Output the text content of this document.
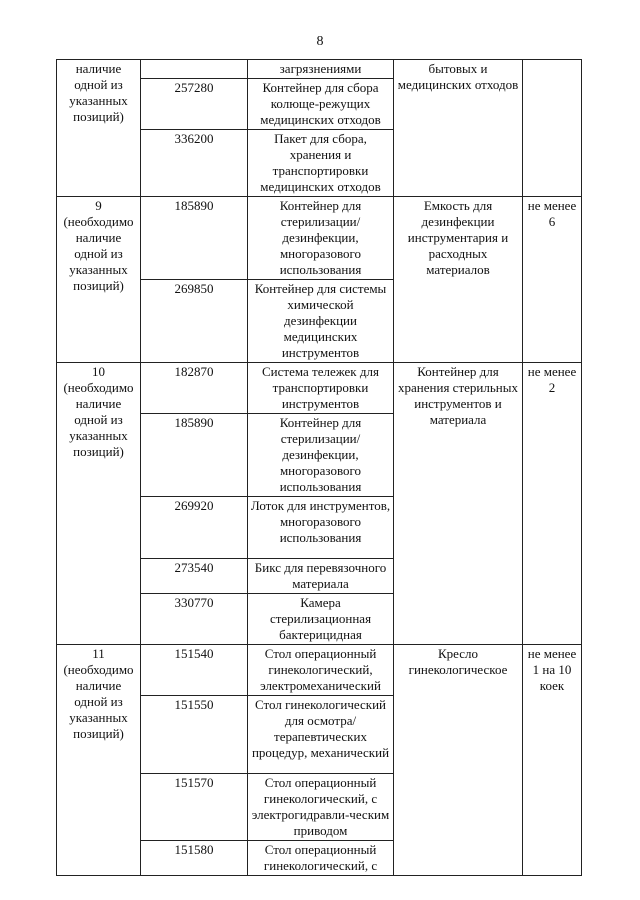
8
наличие одной из указанных позиций)		загрязнениями	бытовых и медицинских отходов	
	257280	Контейнер для сбора колюще-режущих медицинских отходов		
	336200	Пакет для сбора, хранения и транспортировки медицинских отходов		
9 (необходимо наличие одной из указанных позиций)	185890	Контейнер для стерилизации/ дезинфекции, многоразового использования	Емкость для дезинфекции инструментария и расходных материалов	не менее 6
	269850	Контейнер для системы химической дезинфекции медицинских инструментов		
10 (необходимо наличие одной из указанных позиций)	182870	Система тележек для транспортировки инструментов	Контейнер для хранения стерильных инструментов и материала	не менее 2
	185890	Контейнер для стерилизации/ дезинфекции, многоразового использования		
	269920	Лоток для инструментов, многоразового использования		
	273540	Бикс для перевязочного материала		
	330770	Камера стерилизационная бактерицидная		
11 (необходимо наличие одной из указанных позиций)	151540	Стол операционный гинекологический, электромеханический	Кресло гинекологическое	не менее 1 на 10 коек
	151550	Стол гинекологический для осмотра/ терапевтических процедур, механический		
	151570	Стол операционный гинекологический, с электрогидравли-ческим приводом		
	151580	Стол операционный гинекологический, с		
